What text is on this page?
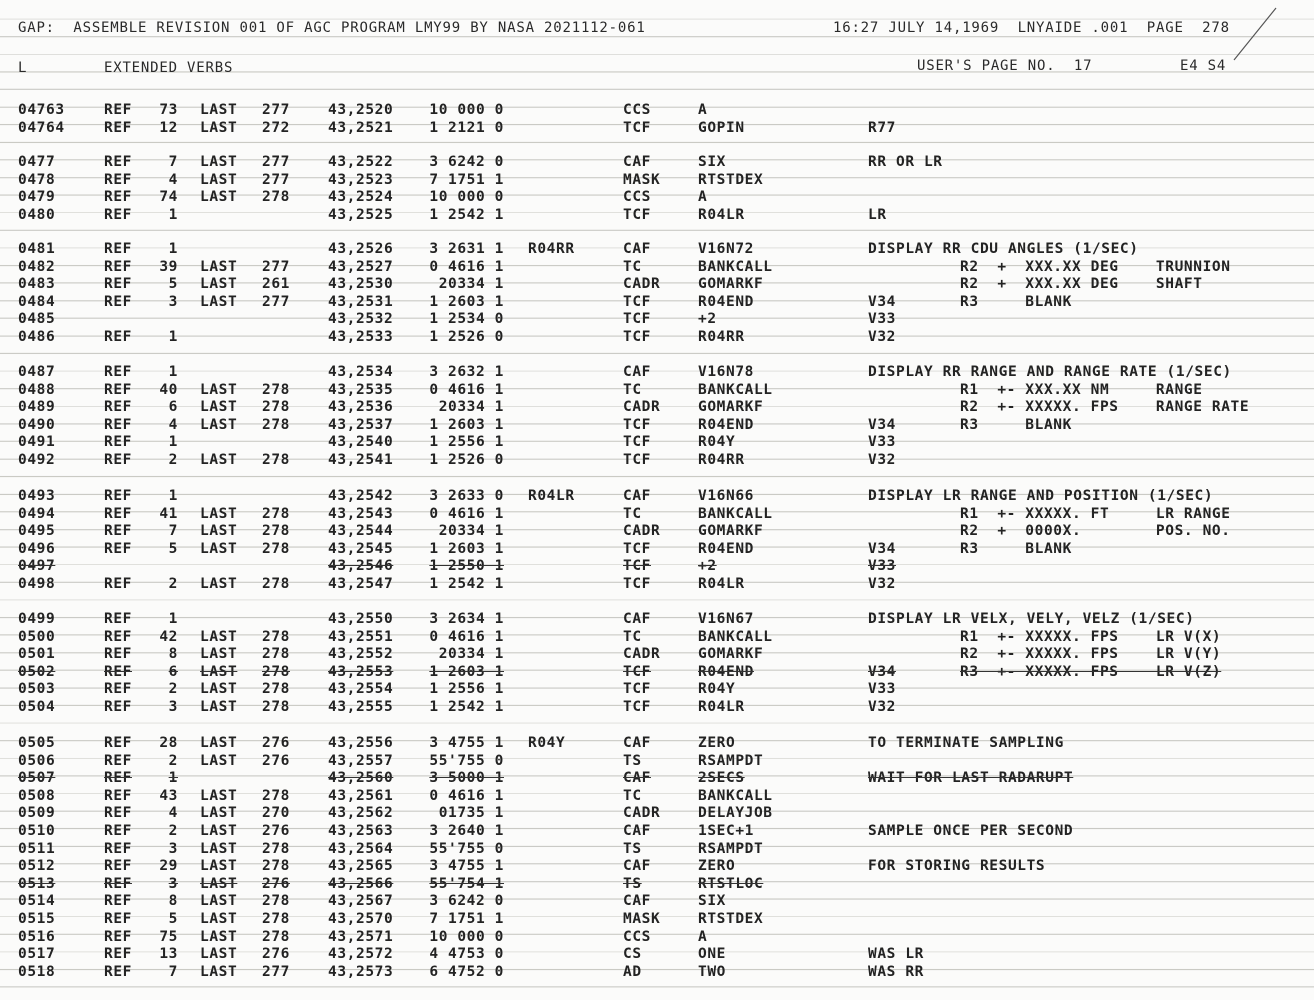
GAP:  ASSEMBLE REVISION 001 OF AGC PROGRAM LMY99 BY NASA 2021112-061	16:27 JULY 14,1969  LNYAIDE .001  PAGE  278
L	EXTENDED VERBS	USER'S PAGE NO.  17	E4 S4
04763	REF	73 LAST 277	43,2520	10 000 0	CCS	A
04764	REF	12 LAST 272	43,2521	1 2121 0	TCF	GOPIN	R77
0477	REF	7 LAST 277	43,2522	3 6242 0	CAF	SIX	RR OR LR
0478	REF	4 LAST 277	43,2523	7 1751 1	MASK	RTSTDEX
0479	REF	74 LAST 278	43,2524	10 000 0	CCS	A
0480	REF	1	43,2525	1 2542 1	TCF	R04LR	LR
0481	REF	1	43,2526	3 2631 1 R04RR	CAF	V16N72	DISPLAY RR CDU ANGLES (1/SEC)
0482	REF	39 LAST 277	43,2527	0 4616 1	TC	BANKCALL	R2  +  XXX.XX DEG    TRUNNION
0483	REF	5 LAST 261	43,2530	20334 1	CADR	GOMARKF	R2  +  XXX.XX DEG    SHAFT
0484	REF	3 LAST 277	43,2531	1 2603 1	TCF	R04END	V34	R3     BLANK
0485	43,2532	1 2534 0	TCF	+2	V33
0486	REF	1	43,2533	1 2526 0	TCF	R04RR	V32
0487	REF	1	43,2534	3 2632 1	CAF	V16N78	DISPLAY RR RANGE AND RANGE RATE (1/SEC)
0488	REF	40 LAST 278	43,2535	0 4616 1	TC	BANKCALL	R1  +- XXX.XX NM     RANGE
0489	REF	6 LAST 278	43,2536	20334 1	CADR	GOMARKF	R2  +- XXXXX. FPS    RANGE RATE
0490	REF	4 LAST 278	43,2537	1 2603 1	TCF	R04END	V34	R3     BLANK
0491	REF	1	43,2540	1 2556 1	TCF	R04Y	V33
0492	REF	2 LAST 278	43,2541	1 2526 0	TCF	R04RR	V32
0493	REF	1	43,2542	3 2633 0 R04LR	CAF	V16N66	DISPLAY LR RANGE AND POSITION (1/SEC)
0494	REF	41 LAST 278	43,2543	0 4616 1	TC	BANKCALL	R1  +- XXXXX. FT     LR RANGE
0495	REF	7 LAST 278	43,2544	20334 1	CADR	GOMARKF	R2  +  0000X.        POS. NO.
0496	REF	5 LAST 278	43,2545	1 2603 1	TCF	R04END	V34	R3     BLANK
0497	43,2546	1 2550 1	TCF	+2	V33
0498	REF	2 LAST 278	43,2547	1 2542 1	TCF	R04LR	V32
0499	REF	1	43,2550	3 2634 1	CAF	V16N67	DISPLAY LR VELX, VELY, VELZ (1/SEC)
0500	REF	42 LAST 278	43,2551	0 4616 1	TC	BANKCALL	R1  +- XXXXX. FPS    LR V(X)
0501	REF	8 LAST 278	43,2552	20334 1	CADR	GOMARKF	R2  +- XXXXX. FPS    LR V(Y)
0502	REF	6 LAST 278	43,2553	1 2603 1	TCF	R04END	V34	R3  +- XXXXX. FPS    LR V(Z)
0503	REF	2 LAST 278	43,2554	1 2556 1	TCF	R04Y	V33
0504	REF	3 LAST 278	43,2555	1 2542 1	TCF	R04LR	V32
0505	REF	28 LAST 276	43,2556	3 4755 1 R04Y	CAF	ZERO	TO TERMINATE SAMPLING
0506	REF	2 LAST 276	43,2557	55'755 0	TS	RSAMPDT
0507	REF	1	43,2560	3 5000 1	CAF	2SECS	WAIT FOR LAST RADARUPT
0508	REF	43 LAST 278	43,2561	0 4616 1	TC	BANKCALL
0509	REF	4 LAST 270	43,2562	01735 1	CADR	DELAYJOB
0510	REF	2 LAST 276	43,2563	3 2640 1	CAF	1SEC+1	SAMPLE ONCE PER SECOND
0511	REF	3 LAST 278	43,2564	55'755 0	TS	RSAMPDT
0512	REF	29 LAST 278	43,2565	3 4755 1	CAF	ZERO	FOR STORING RESULTS
0513	REF	3 LAST 276	43,2566	55'754 1	TS	RTSTLOC
0514	REF	8 LAST 278	43,2567	3 6242 0	CAF	SIX
0515	REF	5 LAST 278	43,2570	7 1751 1	MASK	RTSTDEX
0516	REF	75 LAST 278	43,2571	10 000 0	CCS	A
0517	REF	13 LAST 276	43,2572	4 4753 0	CS	ONE	WAS LR
0518	REF	7 LAST 277	43,2573	6 4752 0	AD	TWO	WAS RR
